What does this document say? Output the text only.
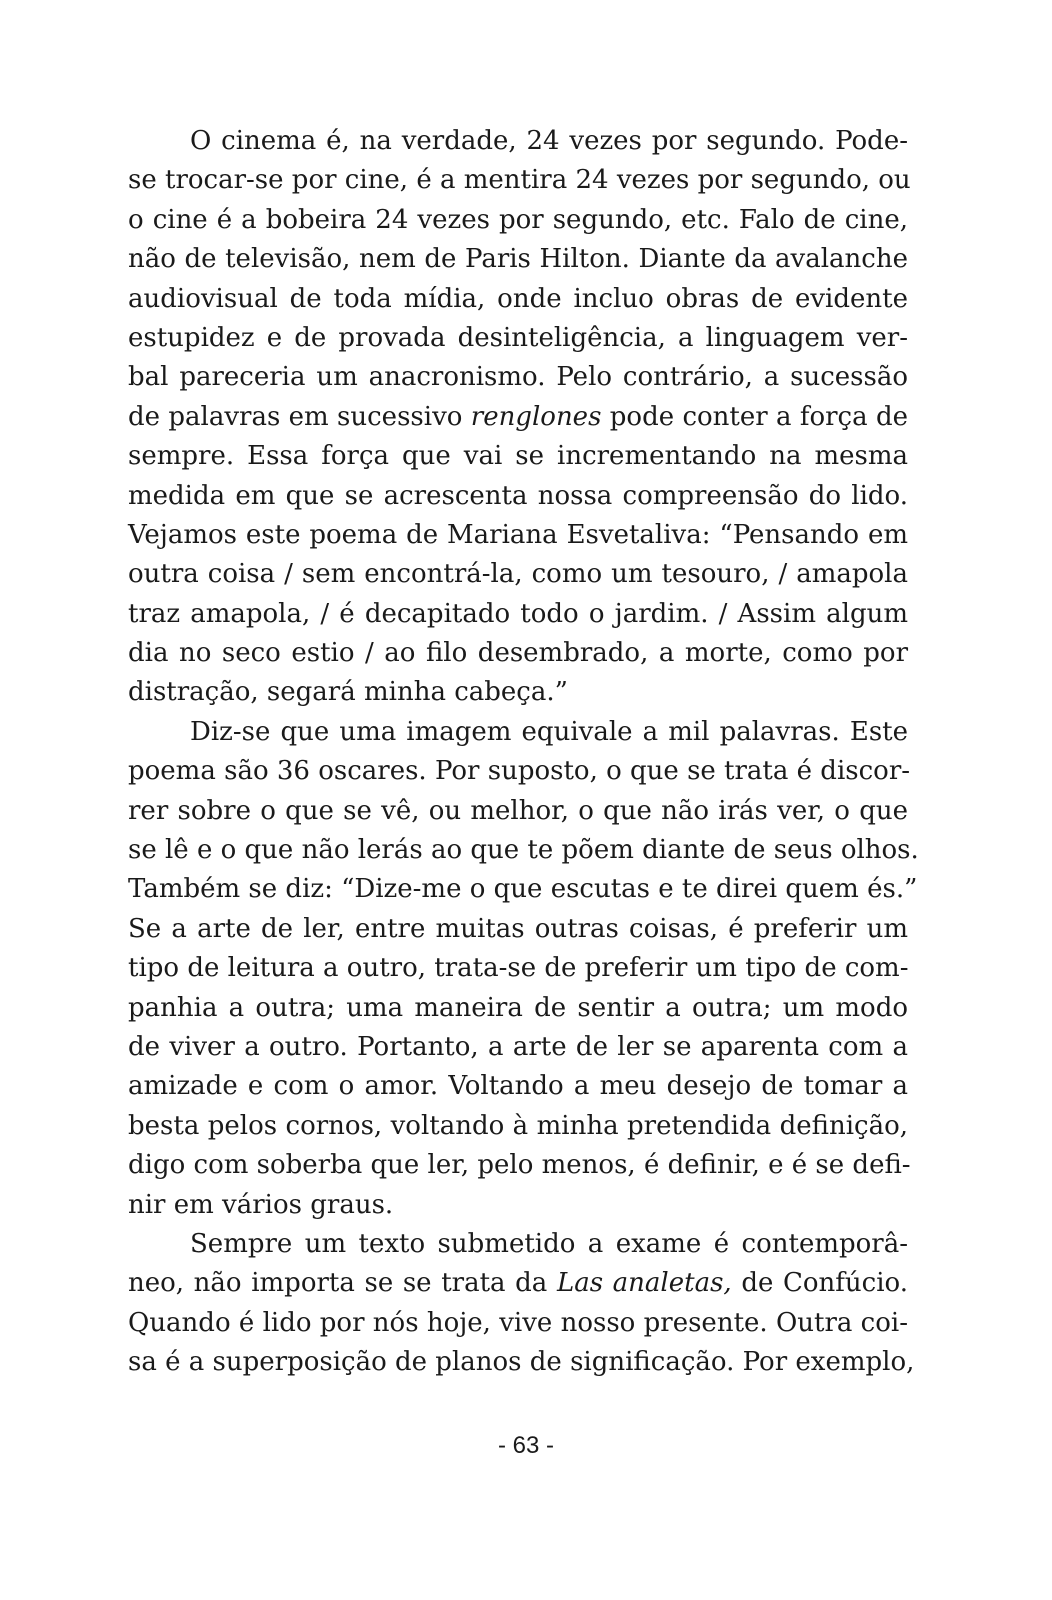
O cinema é, na verdade, 24 vezes por segundo. Pode-
se trocar-se por cine, é a mentira 24 vezes por segundo, ou
o cine é a bobeira 24 vezes por segundo, etc. Falo de cine,
não de televisão, nem de Paris Hilton. Diante da avalanche
audiovisual de toda mídia, onde incluo obras de evidente
estupidez e de provada desinteligência, a linguagem ver-
bal pareceria um anacronismo. Pelo contrário, a sucessão
de palavras em sucessivo renglones pode conter a força de
sempre. Essa força que vai se incrementando na mesma
medida em que se acrescenta nossa compreensão do lido.
Vejamos este poema de Mariana Esvetaliva: “Pensando em
outra coisa / sem encontrá-la, como um tesouro, / amapola
traz amapola, / é decapitado todo o jardim. / Assim algum
dia no seco estio / ao filo desembrado, a morte, como por
distração, segará minha cabeça.”
Diz-se que uma imagem equivale a mil palavras. Este
poema são 36 oscares. Por suposto, o que se trata é discor-
rer sobre o que se vê, ou melhor, o que não irás ver, o que
se lê e o que não lerás ao que te põem diante de seus olhos.
Também se diz: “Dize-me o que escutas e te direi quem és.”
Se a arte de ler, entre muitas outras coisas, é preferir um
tipo de leitura a outro, trata-se de preferir um tipo de com-
panhia a outra; uma maneira de sentir a outra; um modo
de viver a outro. Portanto, a arte de ler se aparenta com a
amizade e com o amor. Voltando a meu desejo de tomar a
besta pelos cornos, voltando à minha pretendida definição,
digo com soberba que ler, pelo menos, é definir, e é se defi-
nir em vários graus.
Sempre um texto submetido a exame é contemporâ-
neo, não importa se se trata da Las analetas, de Confúcio.
Quando é lido por nós hoje, vive nosso presente. Outra coi-
sa é a superposição de planos de significação. Por exemplo,
- 63 -
